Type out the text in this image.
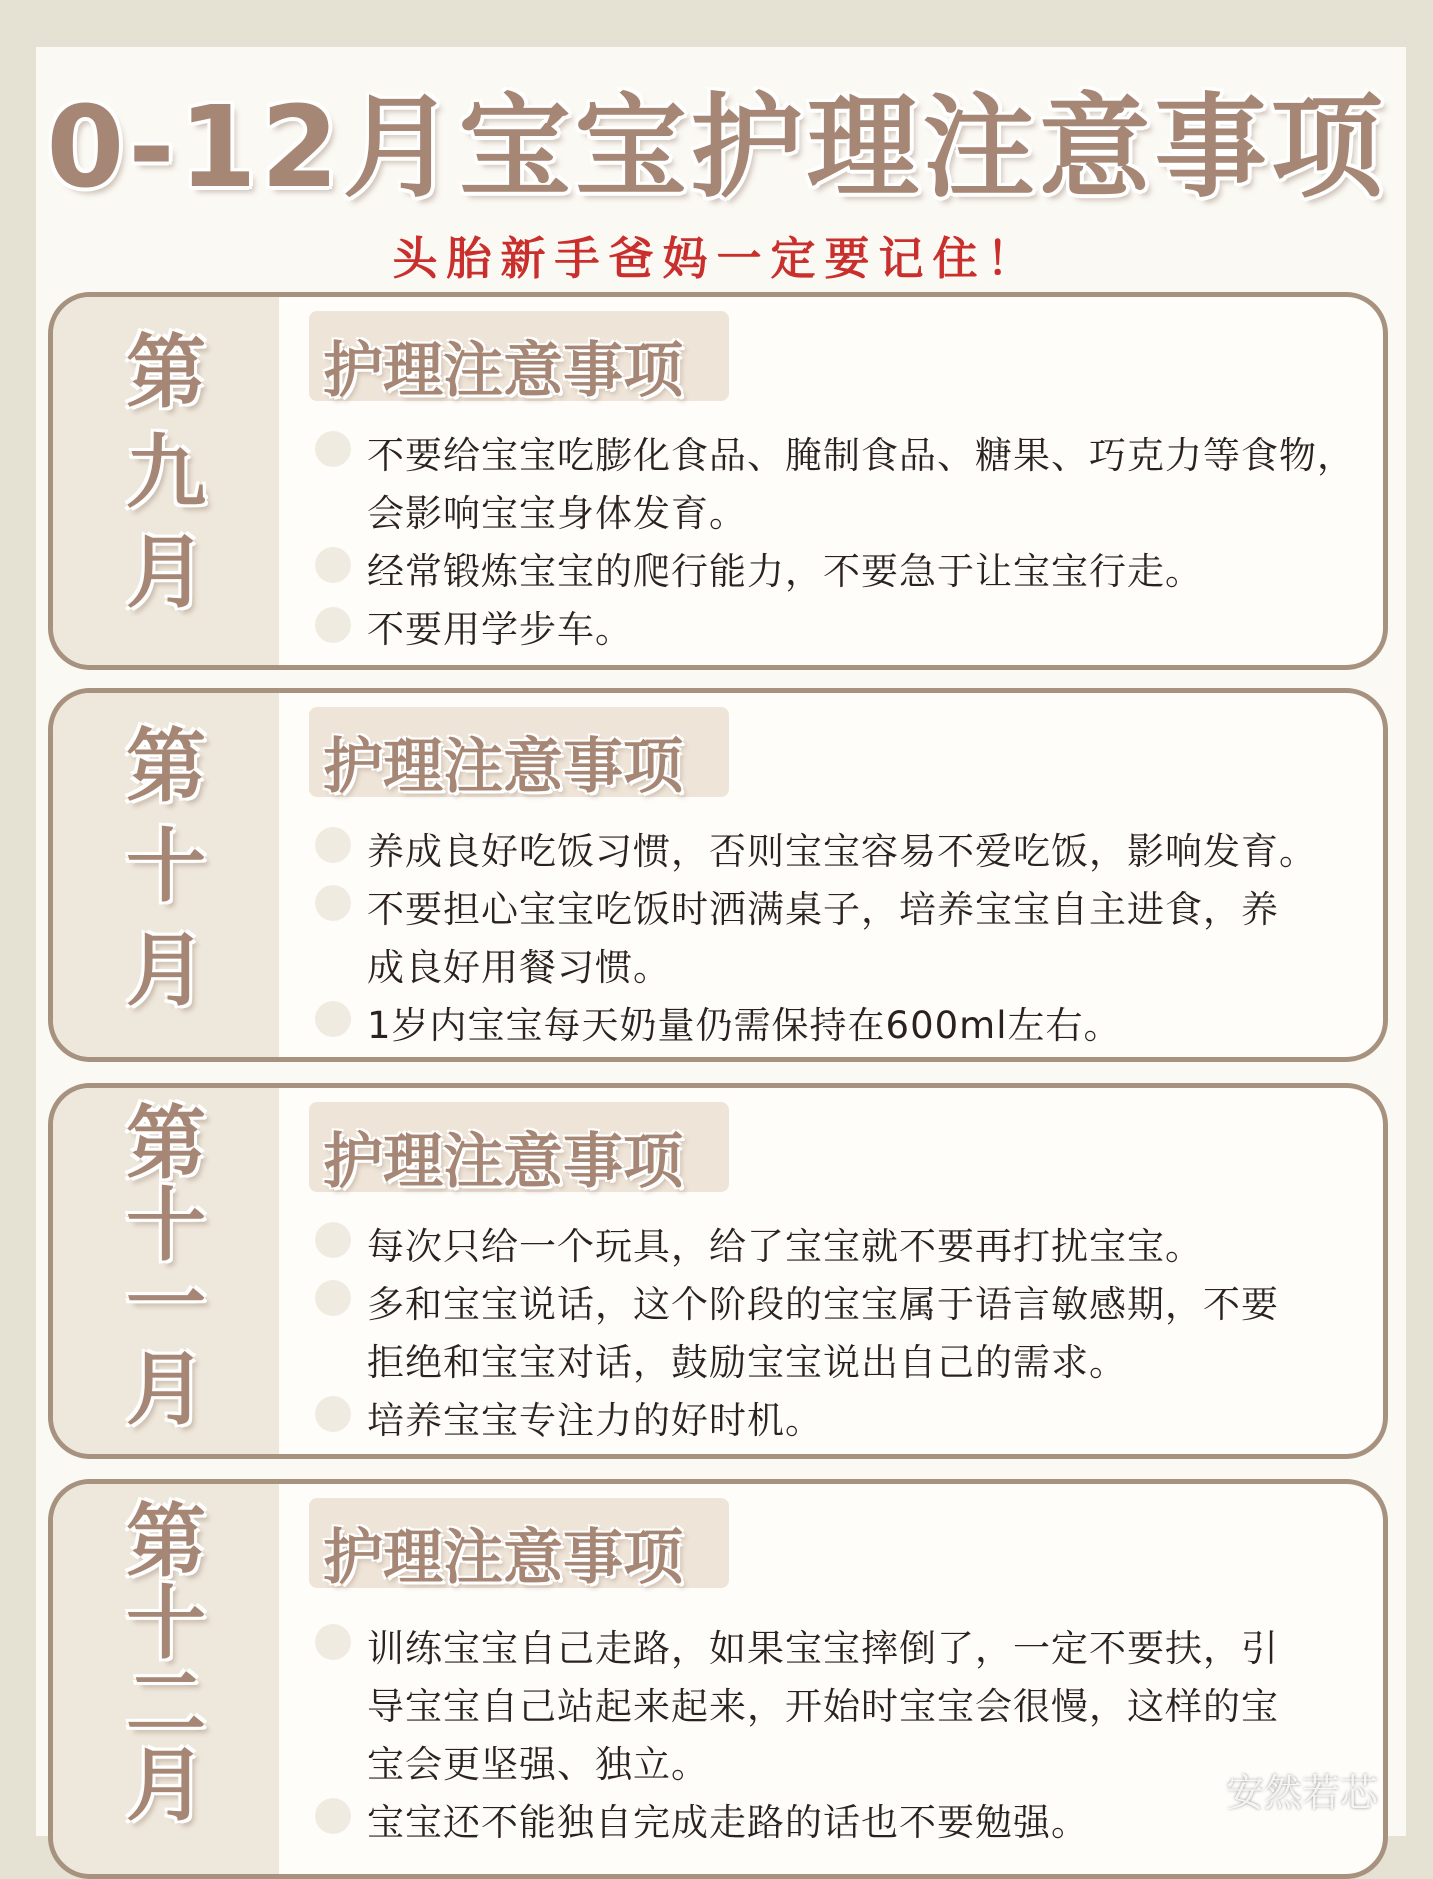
0-12月宝宝护理注意事项
头胎新手爸妈一定要记住！
第
九
月
护理注意事项
不要给宝宝吃膨化食品、腌制食品、糖果、巧克力等食物，
会影响宝宝身体发育。
经常锻炼宝宝的爬行能力，不要急于让宝宝行走。
不要用学步车。
第
十
月
护理注意事项
养成良好吃饭习惯，否则宝宝容易不爱吃饭，影响发育。
不要担心宝宝吃饭时洒满桌子，培养宝宝自主进食，养
成良好用餐习惯。
1岁内宝宝每天奶量仍需保持在600ml左右。
第
十
一
月
护理注意事项
每次只给一个玩具，给了宝宝就不要再打扰宝宝。
多和宝宝说话，这个阶段的宝宝属于语言敏感期，不要
拒绝和宝宝对话，鼓励宝宝说出自己的需求。
培养宝宝专注力的好时机。
第
十
二
月
护理注意事项
训练宝宝自己走路，如果宝宝摔倒了，一定不要扶，引
导宝宝自己站起来起来，开始时宝宝会很慢，这样的宝
宝会更坚强、独立。
宝宝还不能独自完成走路的话也不要勉强。
安然若芯
